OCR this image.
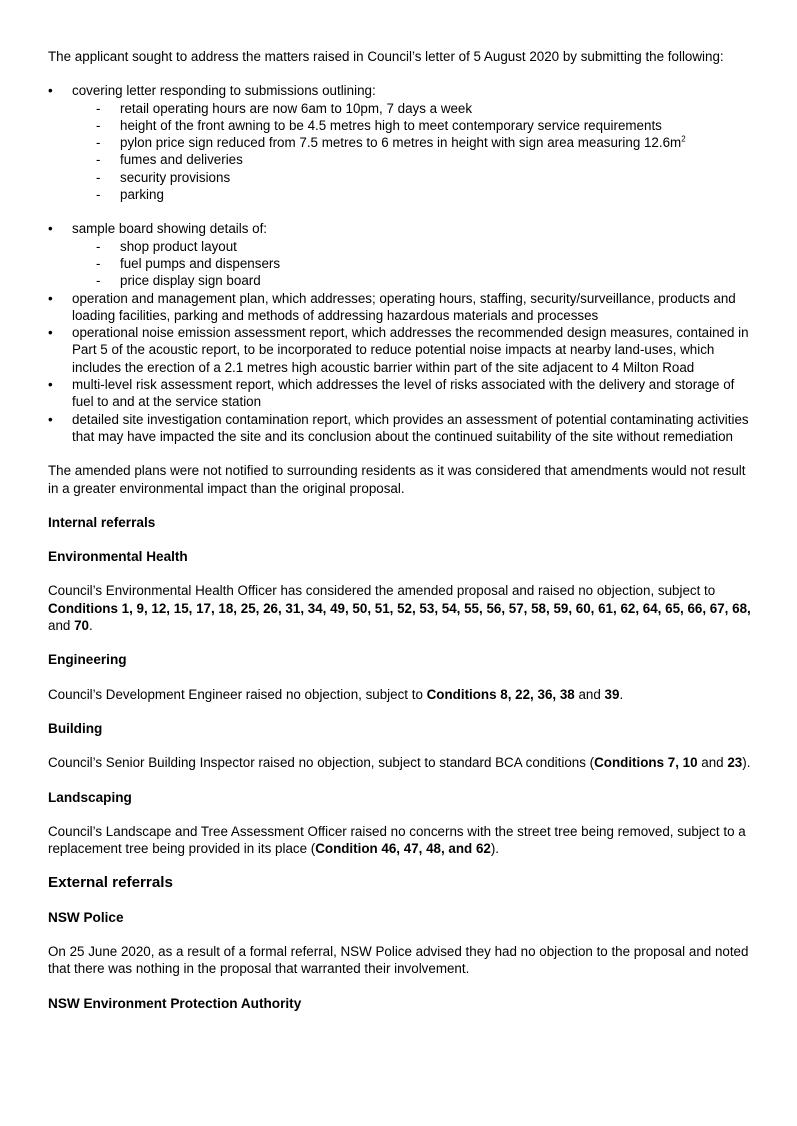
The applicant sought to address the matters raised in Council’s letter of 5 August 2020 by submitting the following:

• covering letter responding to submissions outlining:
- retail operating hours are now 6am to 10pm, 7 days a week
- height of the front awning to be 4.5 metres high to meet contemporary service requirements
- pylon price sign reduced from 7.5 metres to 6 metres in height with sign area measuring $12.6m^2$
- fumes and deliveries
- security provisions
- parking
• sample board showing details of:
- shop product layout
- fuel pumps and dispensers
- price display sign board
• operation and management plan, which addresses; operating hours, staffing, security/surveillance, products and loading facilities, parking and methods of addressing hazardous materials and processes
• operational noise emission assessment report, which addresses the recommended design measures, contained in Part 5 of the acoustic report, to be incorporated to reduce potential noise impacts at nearby land-uses, which includes the erection of a 2.1 metres high acoustic barrier within part of the site adjacent to 4 Milton Road
• multi-level risk assessment report, which addresses the level of risks associated with the delivery and storage of fuel to and at the service station
• detailed site investigation contamination report, which provides an assessment of potential contaminating activities that may have impacted the site and its conclusion about the continued suitability of the site without remediation

The amended plans were not notified to surrounding residents as it was considered that amendments would not result in a greater environmental impact than the original proposal.

Internal referrals
Environmental Health

Council’s Environmental Health Officer has considered the amended proposal and raised no objection, subject to Conditions 1, 9, 12, 15, 17, 18, 25, 26, 31, 34, 49, 50, 51, 52, 53, 54, 55, 56, 57, 58, 59, 60, 61, 62, 64, 65, 66, 67, 68, and 70.

Engineering

Council’s Development Engineer raised no objection, subject to Conditions 8, 22, 36, 38 and 39.

Building

Council’s Senior Building Inspector raised no objection, subject to standard BCA conditions (Conditions 7, 10 and 23).

Landscaping

Council’s Landscape and Tree Assessment Officer raised no concerns with the street tree being removed, subject to a replacement tree being provided in its place (Condition 46, 47, 48, and 62).

External referrals
NSW Police

On 25 June 2020, as a result of a formal referral, NSW Police advised they had no objection to the proposal and noted that there was nothing in the proposal that warranted their involvement.

NSW Environment Protection Authority
